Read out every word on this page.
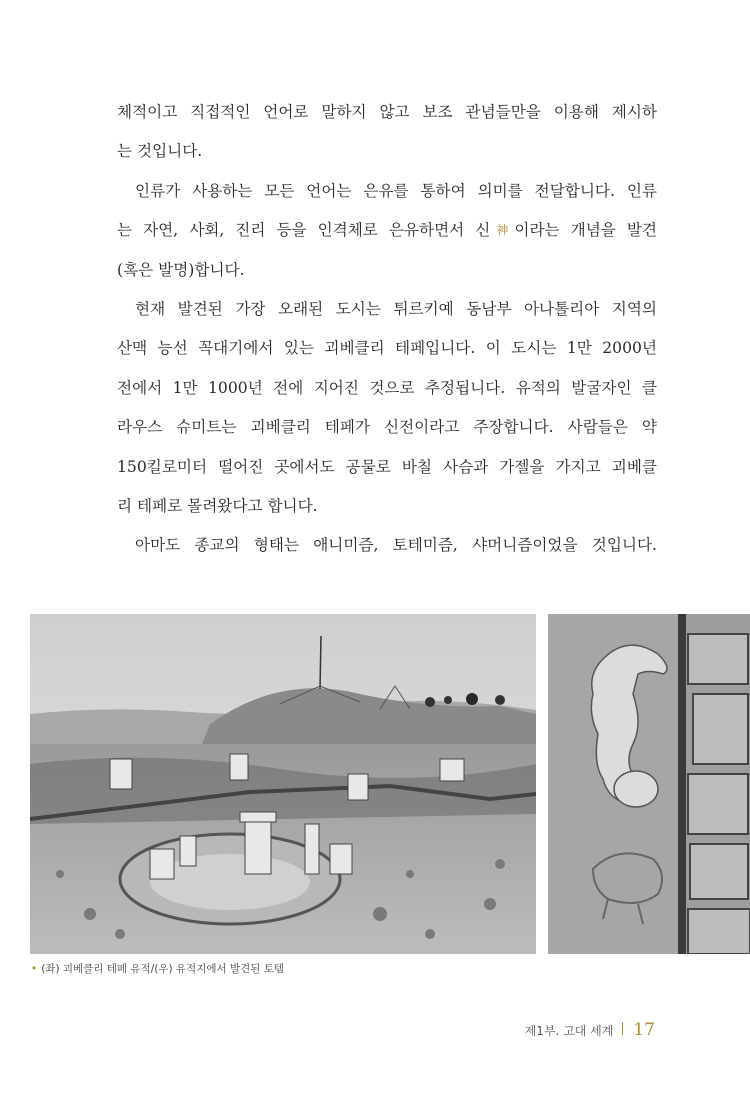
체적이고 직접적인 언어로 말하지 않고 보조 관념들만을 이용해 제시하
는 것입니다.

인류가 사용하는 모든 언어는 은유를 통하여 의미를 전달합니다. 인류
는 자연, 사회, 진리 등을 인격체로 은유하면서 신神이라는 개념을 발견
(혹은 발명)합니다.

현재 발견된 가장 오래된 도시는 튀르키예 동남부 아나톨리아 지역의
산맥 능선 꼭대기에서 있는 괴베클리 테페입니다. 이 도시는 1만 2000년
전에서 1만 1000년 전에 지어진 것으로 추정됩니다. 유적의 발굴자인 클
라우스 슈미트는 괴베클리 테페가 신전이라고 주장합니다. 사람들은 약
150킬로미터 떨어진 곳에서도 공물로 바칠 사슴과 가젤을 가지고 괴베클
리 테페로 몰려왔다고 합니다.

아마도 종교의 형태는 애니미즘, 토테미즘, 샤머니즘이었을 것입니다.

• (좌) 괴베클리 테페 유적/(우) 유적지에서 발견된 토템
제1부. 고대 세계 17
